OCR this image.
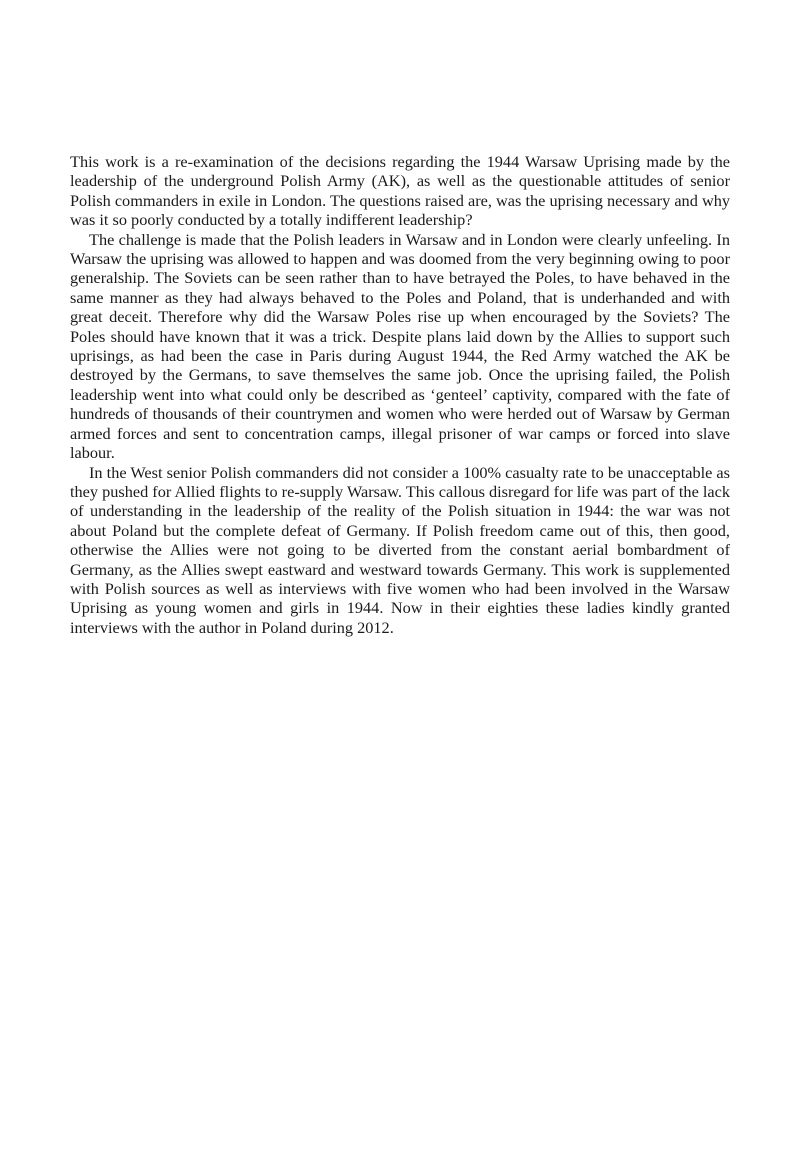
This work is a re-examination of the decisions regarding the 1944 Warsaw Uprising made by the leadership of the underground Polish Army (AK), as well as the questionable attitudes of senior Polish commanders in exile in London. The questions raised are, was the uprising necessary and why was it so poorly conducted by a totally indifferent leadership?

The challenge is made that the Polish leaders in Warsaw and in London were clearly unfeeling. In Warsaw the uprising was allowed to happen and was doomed from the very beginning owing to poor generalship. The Soviets can be seen rather than to have betrayed the Poles, to have behaved in the same manner as they had always behaved to the Poles and Poland, that is underhanded and with great deceit. Therefore why did the Warsaw Poles rise up when encouraged by the Soviets? The Poles should have known that it was a trick. Despite plans laid down by the Allies to support such uprisings, as had been the case in Paris during August 1944, the Red Army watched the AK be destroyed by the Germans, to save themselves the same job. Once the uprising failed, the Polish leadership went into what could only be described as ‘genteel’ captivity, compared with the fate of hundreds of thousands of their countrymen and women who were herded out of Warsaw by German armed forces and sent to concentration camps, illegal prisoner of war camps or forced into slave labour.

In the West senior Polish commanders did not consider a 100% casualty rate to be unacceptable as they pushed for Allied flights to re-supply Warsaw. This callous disregard for life was part of the lack of understanding in the leadership of the reality of the Polish situation in 1944: the war was not about Poland but the complete defeat of Germany. If Polish freedom came out of this, then good, otherwise the Allies were not going to be diverted from the constant aerial bombardment of Germany, as the Allies swept eastward and westward towards Germany. This work is supplemented with Polish sources as well as interviews with five women who had been involved in the Warsaw Uprising as young women and girls in 1944. Now in their eighties these ladies kindly granted interviews with the author in Poland during 2012.
